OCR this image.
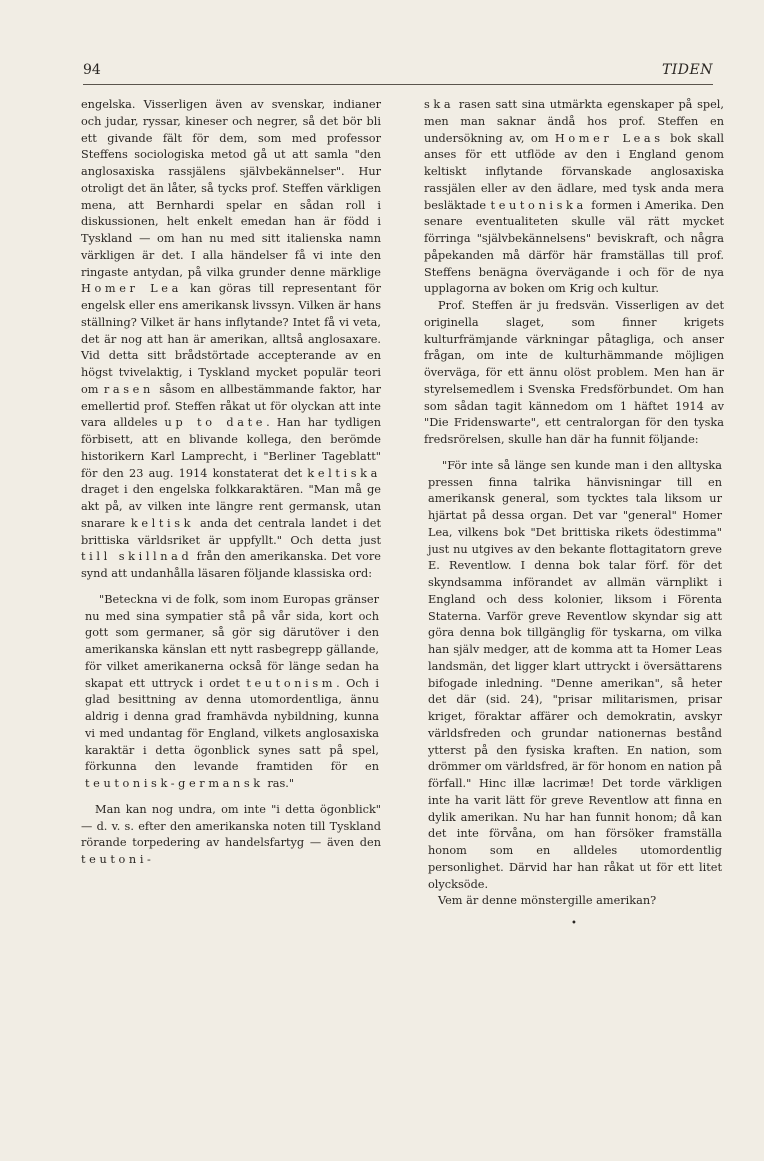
94	TIDEN

engelska. Visserligen även av svenskar, indianer och judar, ryssar, kineser och negrer, så det bör bli ett givande fält för dem, som med professor Steffens sociologiska metod gå ut att samla "den anglosaxiska rassjälens självbekännelser". Hur otroligt det än låter, så tycks prof. Steffen värkligen mena, att Bernhardi spelar en sådan roll i diskussionen, helt enkelt emedan han är född i Tyskland — om han nu med sitt italienska namn värkligen är det. I alla händelser få vi inte den ringaste antydan, på vilka grunder denne märklige Homer Lea kan göras till representant för engelsk eller ens amerikansk livssyn. Vilken är hans ställning? Vilket är hans inflytande? Intet få vi veta, det är nog att han är amerikan, alltså anglosaxare. Vid detta sitt brådstörtade accepterande av en högst tvivelaktig, i Tyskland mycket populär teori om rasen såsom en allbestämmande faktor, har emellertid prof. Steffen råkat ut för olyckan att inte vara alldeles up to date. Han har tydligen förbisett, att en blivande kollega, den berömde historikern Karl Lamprecht, i "Berliner Tageblatt" för den 23 aug. 1914 konstaterat det keltiska draget i den engelska folkkaraktären. "Man må ge akt på, av vilken inte längre rent germansk, utan snarare keltisk anda det centrala landet i det brittiska världsriket är uppfyllt." Och detta just till skillnad från den amerikanska. Det vore synd att undanhålla läsaren följande klassiska ord:

"Beteckna vi de folk, som inom Europas gränser nu med sina sympatier stå på vår sida, kort och gott som germaner, så gör sig därutöver i den amerikanska känslan ett nytt rasbegrepp gällande, för vilket amerikanerna också för länge sedan ha skapat ett uttryck i ordet teutonism. Och i glad besittning av denna utomordentliga, ännu aldrig i denna grad framhävda nybildning, kunna vi med undantag för England, vilkets anglosaxiska karaktär i detta ögonblick synes satt på spel, förkunna den levande framtiden för en teutonisk-germansk ras."

Man kan nog undra, om inte "i detta ögonblick" — d. v. s. efter den amerikanska noten till Tyskland rörande torpedering av handelsfartyg — även den teutoni-

ska rasen satt sina utmärkta egenskaper på spel, men man saknar ändå hos prof. Steffen en undersökning av, om Homer Leas bok skall anses för ett utflöde av den i England genom keltiskt inflytande förvanskade anglosaxiska rassjälen eller av den ädlare, med tysk anda mera besläktade teutoniska formen i Amerika. Den senare eventualiteten skulle väl rätt mycket förringa "självbekännelsens" beviskraft, och några påpekanden må därför här framställas till prof. Steffens benägna övervägande i och för de nya upplagorna av boken om Krig och kultur.

Prof. Steffen är ju fredsvän. Visserligen av det originella slaget, som finner krigets kulturfrämjande värkningar påtagliga, och anser frågan, om inte de kulturhämmande möjligen överväga, för ett ännu olöst problem. Men han är styrelsemedlem i Svenska Fredsförbundet. Om han som sådan tagit kännedom om 1 häftet 1914 av "Die Fridenswarte", ett centralorgan för den tyska fredsrörelsen, skulle han där ha funnit följande:

"För inte så länge sen kunde man i den alltyska pressen finna talrika hänvisningar till en amerikansk general, som tycktes tala liksom ur hjärtat på dessa organ. Det var "general" Homer Lea, vilkens bok "Det brittiska rikets ödestimma" just nu utgives av den bekante flottagitatorn greve E. Reventlow. I denna bok talar förf. för det skyndsamma införandet av allmän värnplikt i England och dess kolonier, liksom i Förenta Staterna. Varför greve Reventlow skyndar sig att göra denna bok tillgänglig för tyskarna, om vilka han själv medger, att de komma att ta Homer Leas landsmän, det ligger klart uttryckt i översättarens bifogade inledning. "Denne amerikan", så heter det där (sid. 24), "prisar militarismen, prisar kriget, föraktar affärer och demokratin, avskyr världsfreden och grundar nationernas bestånd ytterst på den fysiska kraften. En nation, som drömmer om världsfred, är för honom en nation på förfall." Hinc illæ lacrimæ! Det torde värkligen inte ha varit lätt för greve Reventlow att finna en dylik amerikan. Nu har han funnit honom; då kan det inte förvåna, om han försöker framställa honom som en alldeles utomordentlig personlighet. Därvid har han råkat ut för ett litet olycksöde.

Vem är denne mönstergille amerikan?

•
